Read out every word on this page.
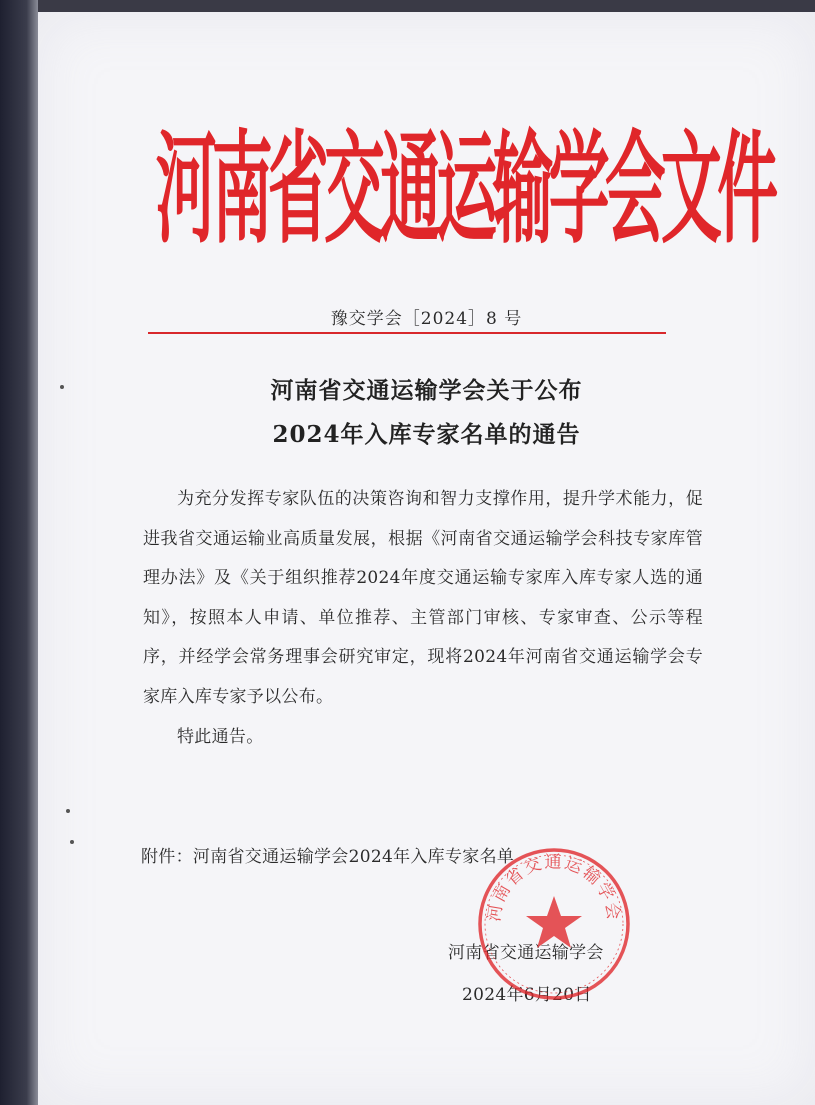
河南省交通运输学会文件
豫交学会［2024］8 号
河南省交通运输学会关于公布
2024年入库专家名单的通告

为充分发挥专家队伍的决策咨询和智力支撑作用，提升学术能力，促进我省交通运输业高质量发展，根据《河南省交通运输学会科技专家库管理办法》及《关于组织推荐2024年度交通运输专家库入库专家人选的通知》，按照本人申请、单位推荐、主管部门审核、专家审查、公示等程序，并经学会常务理事会研究审定，现将2024年河南省交通运输学会专家库入库专家予以公布。

特此通告。

附件：河南省交通运输学会2024年入库专家名单
河南省交通运输学会
2024年6月20日
河南省交通运输学会
